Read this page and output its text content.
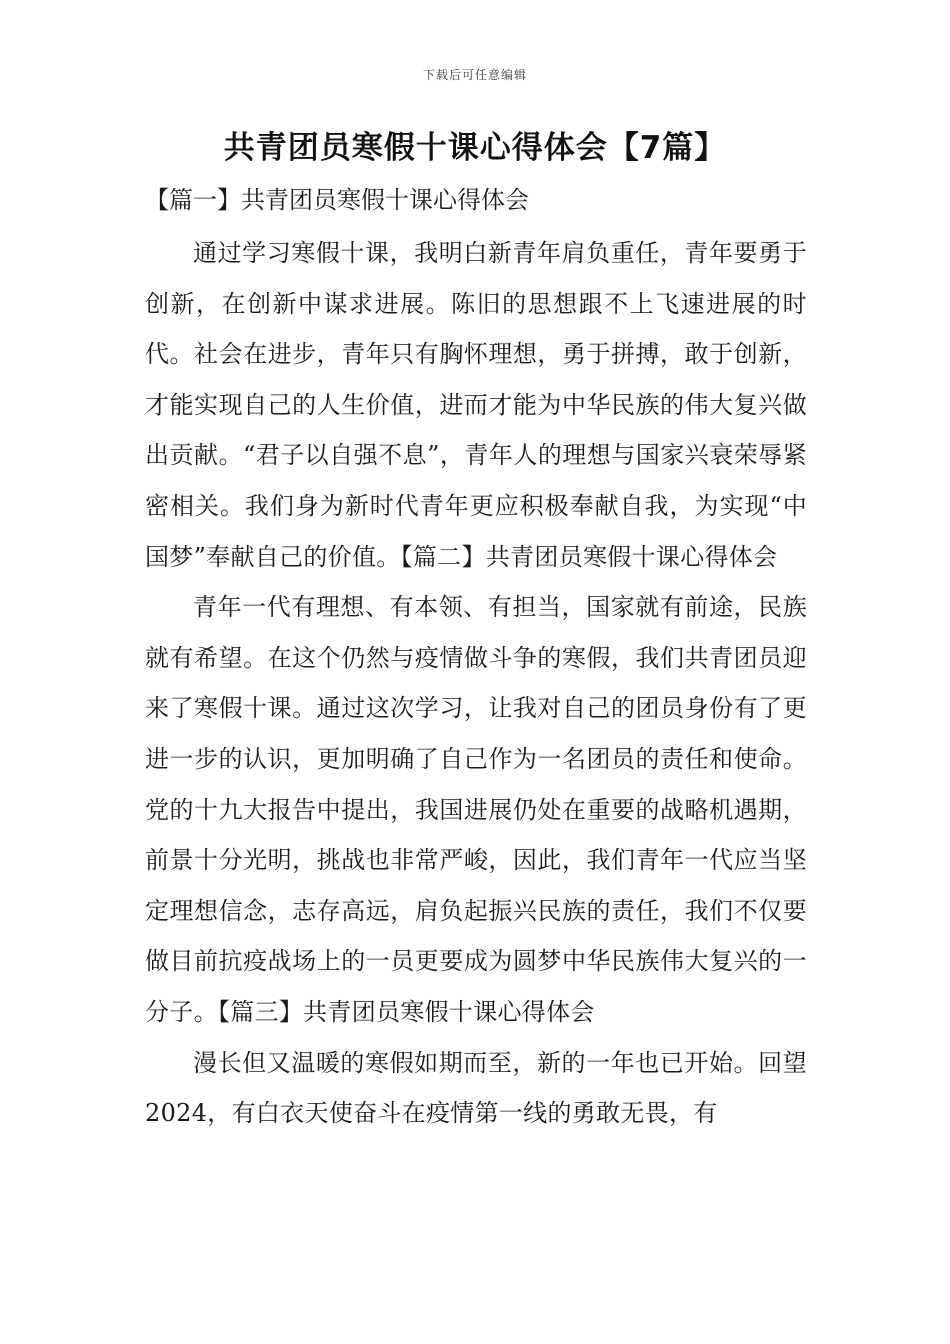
下载后可任意编辑
共青团员寒假十课心得体会【7篇】
【篇一】共青团员寒假十课心得体会

通过学习寒假十课，我明白新青年肩负重任，青年要勇于创新，在创新中谋求进展。陈旧的思想跟不上飞速进展的时代。社会在进步，青年只有胸怀理想，勇于拼搏，敢于创新，才能实现自己的人生价值，进而才能为中华民族的伟大复兴做出贡献。“君子以自强不息”，青年人的理想与国家兴衰荣辱紧密相关。我们身为新时代青年更应积极奉献自我，为实现“中国梦”奉献自己的价值。【篇二】共青团员寒假十课心得体会

青年一代有理想、有本领、有担当，国家就有前途，民族就有希望。在这个仍然与疫情做斗争的寒假，我们共青团员迎来了寒假十课。通过这次学习，让我对自己的团员身份有了更进一步的认识，更加明确了自己作为一名团员的责任和使命。党的十九大报告中提出，我国进展仍处在重要的战略机遇期，前景十分光明，挑战也非常严峻，因此，我们青年一代应当坚定理想信念，志存高远，肩负起振兴民族的责任，我们不仅要做目前抗疫战场上的一员更要成为圆梦中华民族伟大复兴的一分子。【篇三】共青团员寒假十课心得体会

漫长但又温暖的寒假如期而至，新的一年也已开始。回望2024，有白衣天使奋斗在疫情第一线的勇敢无畏，有
